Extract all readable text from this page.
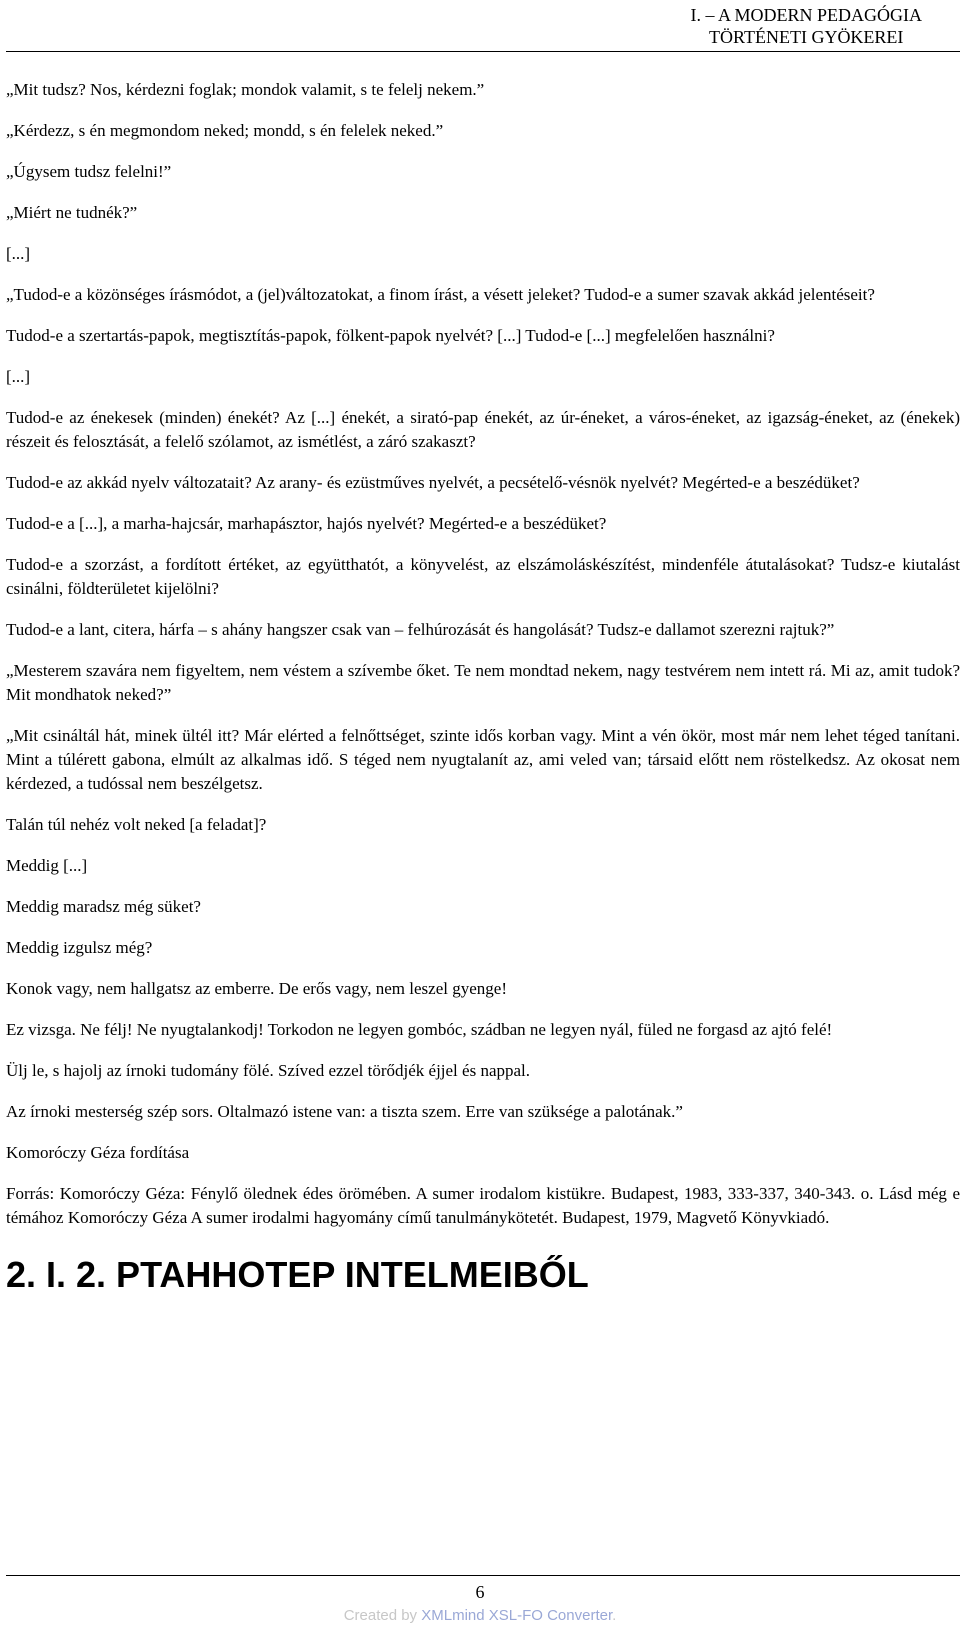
I. – A MODERN PEDAGÓGIA
TÖRTÉNETI GYÖKEREI

„Mit tudsz? Nos, kérdezni foglak; mondok valamit, s te felelj nekem.”

„Kérdezz, s én megmondom neked; mondd, s én felelek neked.”

„Úgysem tudsz felelni!”

„Miért ne tudnék?”

[...]

„Tudod-e a közönséges írásmódot, a (jel)változatokat, a finom írást, a vésett jeleket? Tudod-e a sumer szavak akkád jelentéseit?

Tudod-e a szertartás-papok, megtisztítás-papok, fölkent-papok nyelvét? [...] Tudod-e [...] megfelelően használni?

[...]

Tudod-e az énekesek (minden) énekét? Az [...] énekét, a sirató-pap énekét, az úr-éneket, a város-éneket, az igazság-éneket, az (énekek) részeit és felosztását, a felelő szólamot, az ismétlést, a záró szakaszt?

Tudod-e az akkád nyelv változatait? Az arany- és ezüstműves nyelvét, a pecsételő-vésnök nyelvét? Megérted-e a beszédüket?

Tudod-e a [...], a marha-hajcsár, marhapásztor, hajós nyelvét? Megérted-e a beszédüket?

Tudod-e a szorzást, a fordított értéket, az együtthatót, a könyvelést, az elszámoláskészítést, mindenféle átutalásokat? Tudsz-e kiutalást csinálni, földterületet kijelölni?

Tudod-e a lant, citera, hárfa – s ahány hangszer csak van – felhúrozását és hangolását? Tudsz-e dallamot szerezni rajtuk?”

„Mesterem szavára nem figyeltem, nem véstem a szívembe őket. Te nem mondtad nekem, nagy testvérem nem intett rá. Mi az, amit tudok? Mit mondhatok neked?”

„Mit csináltál hát, minek ültél itt? Már elérted a felnőttséget, szinte idős korban vagy. Mint a vén ökör, most már nem lehet téged tanítani. Mint a túlérett gabona, elmúlt az alkalmas idő. S téged nem nyugtalanít az, ami veled van; társaid előtt nem röstelkedsz. Az okosat nem kérdezed, a tudóssal nem beszélgetsz.

Talán túl nehéz volt neked [a feladat]?

Meddig [...]

Meddig maradsz még süket?

Meddig izgulsz még?

Konok vagy, nem hallgatsz az emberre. De erős vagy, nem leszel gyenge!

Ez vizsga. Ne félj! Ne nyugtalankodj! Torkodon ne legyen gombóc, szádban ne legyen nyál, füled ne forgasd az ajtó felé!

Ülj le, s hajolj az írnoki tudomány fölé. Szíved ezzel törődjék éjjel és nappal.

Az írnoki mesterség szép sors. Oltalmazó istene van: a tiszta szem. Erre van szüksége a palotának.”

Komoróczy Géza fordítása

Forrás: Komoróczy Géza: Fénylő ölednek édes örömében. A sumer irodalom kistükre. Budapest, 1983, 333-337, 340-343. o. Lásd még e témához Komoróczy Géza A sumer irodalmi hagyomány című tanulmánykötetét. Budapest, 1979, Magvető Könyvkiadó.

2. I. 2. PTAHHOTEP INTELMEIBŐL
6
Created by XMLmind XSL-FO Converter.
